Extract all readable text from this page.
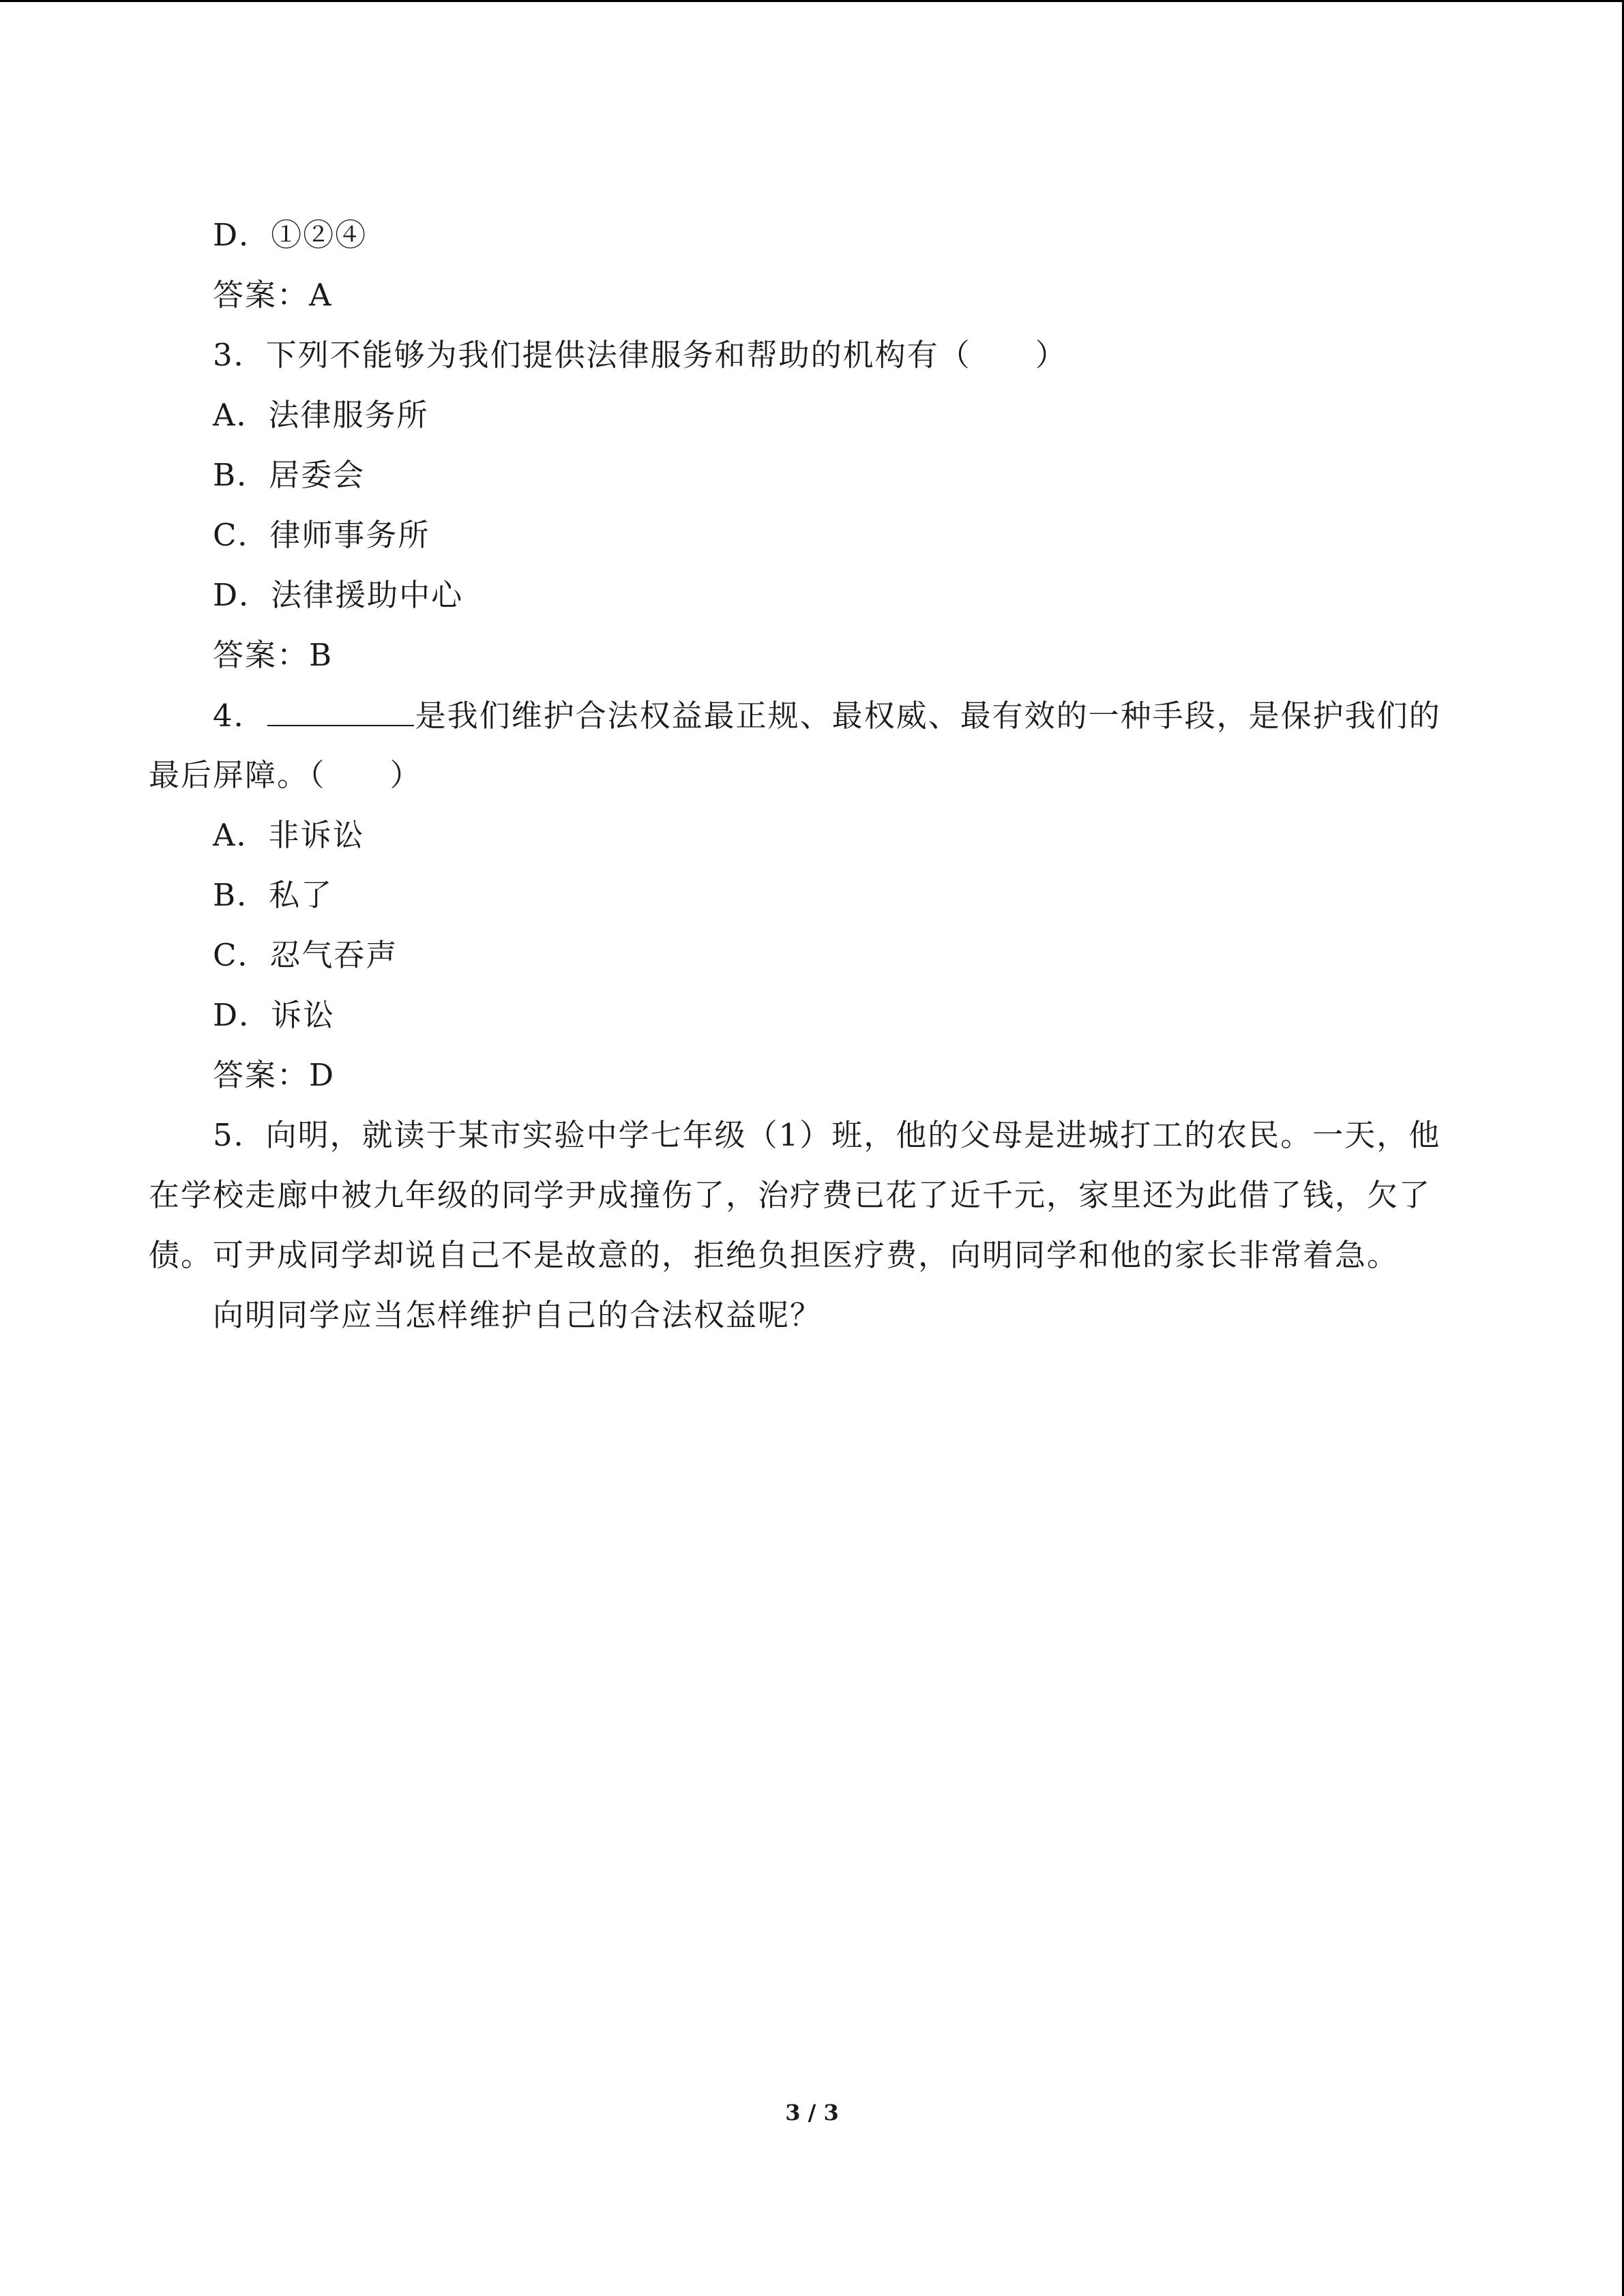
D．①②④
答案：A
3．下列不能够为我们提供法律服务和帮助的机构有（　　）
A．法律服务所
B．居委会
C．律师事务所
D．法律援助中心
答案：B
4．	是我们维护合法权益最正规、最权威、最有效的一种手段，是保护我们的
最后屏障。（　　）
A．非诉讼
B．私了
C．忍气吞声
D．诉讼
答案：D
5．向明，就读于某市实验中学七年级（1）班，他的父母是进城打工的农民。一天，他
在学校走廊中被九年级的同学尹成撞伤了，治疗费已花了近千元，家里还为此借了钱，欠了
债。可尹成同学却说自己不是故意的，拒绝负担医疗费，向明同学和他的家长非常着急。
向明同学应当怎样维护自己的合法权益呢？
3 / 3
